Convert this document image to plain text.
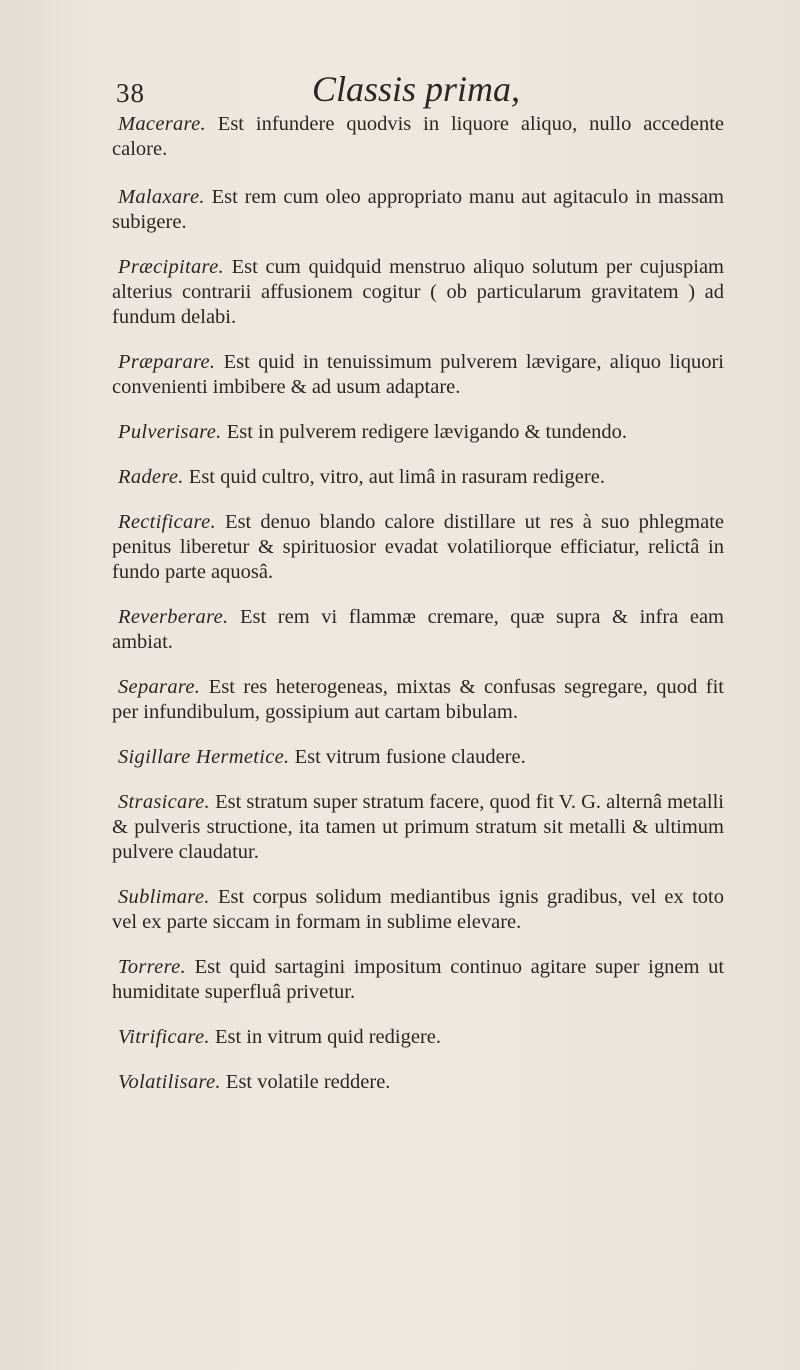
38	Classis prima,

Macerare. Est infundere quodvis in liquore aliquo, nullo accedente calore.

Malaxare. Est rem cum oleo appropriato manu aut agitaculo in massam subigere.

Præcipitare. Est cum quidquid menstruo aliquo solutum per cujuspiam alterius contrarii affusionem cogitur ( ob particularum gravitatem ) ad fundum delabi.

Præparare. Est quid in tenuissimum pulverem lævigare, aliquo liquori convenienti imbibere & ad usum adaptare.

Pulverisare. Est in pulverem redigere lævigando & tundendo.

Radere. Est quid cultro, vitro, aut limâ in rasuram redigere.

Rectificare. Est denuo blando calore distillare ut res à suo phlegmate penitus liberetur & spirituosior evadat volatiliorque efficiatur, relictâ in fundo parte aquosâ.

Reverberare. Est rem vi flammæ cremare, quæ supra & infra eam ambiat.

Separare. Est res heterogeneas, mixtas & confusas segregare, quod fit per infundibulum, gossipium aut cartam bibulam.

Sigillare Hermetice. Est vitrum fusione claudere.

Strasicare. Est stratum super stratum facere, quod fit V. G. alternâ metalli & pulveris structione, ita tamen ut primum stratum sit metalli & ultimum pulvere claudatur.

Sublimare. Est corpus solidum mediantibus ignis gradibus, vel ex toto vel ex parte siccam in formam in sublime elevare.

Torrere. Est quid sartagini impositum continuo agitare super ignem ut humiditate superfluâ privetur.

Vitrificare. Est in vitrum quid redigere.

Volatilisare. Est volatile reddere.
